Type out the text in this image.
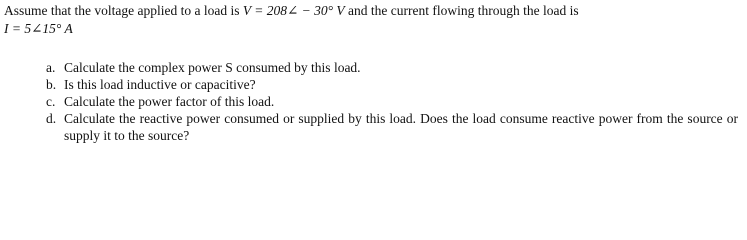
Assume that the voltage applied to a load is V = 208∠ − 30° V and the current flowing through the load is
I = 5∠15° A

a. Calculate the complex power S consumed by this load.
b. Is this load inductive or capacitive?
c. Calculate the power factor of this load.
d. Calculate the reactive power consumed or supplied by this load. Does the load consume reactive power from the source or supply it to the source?
